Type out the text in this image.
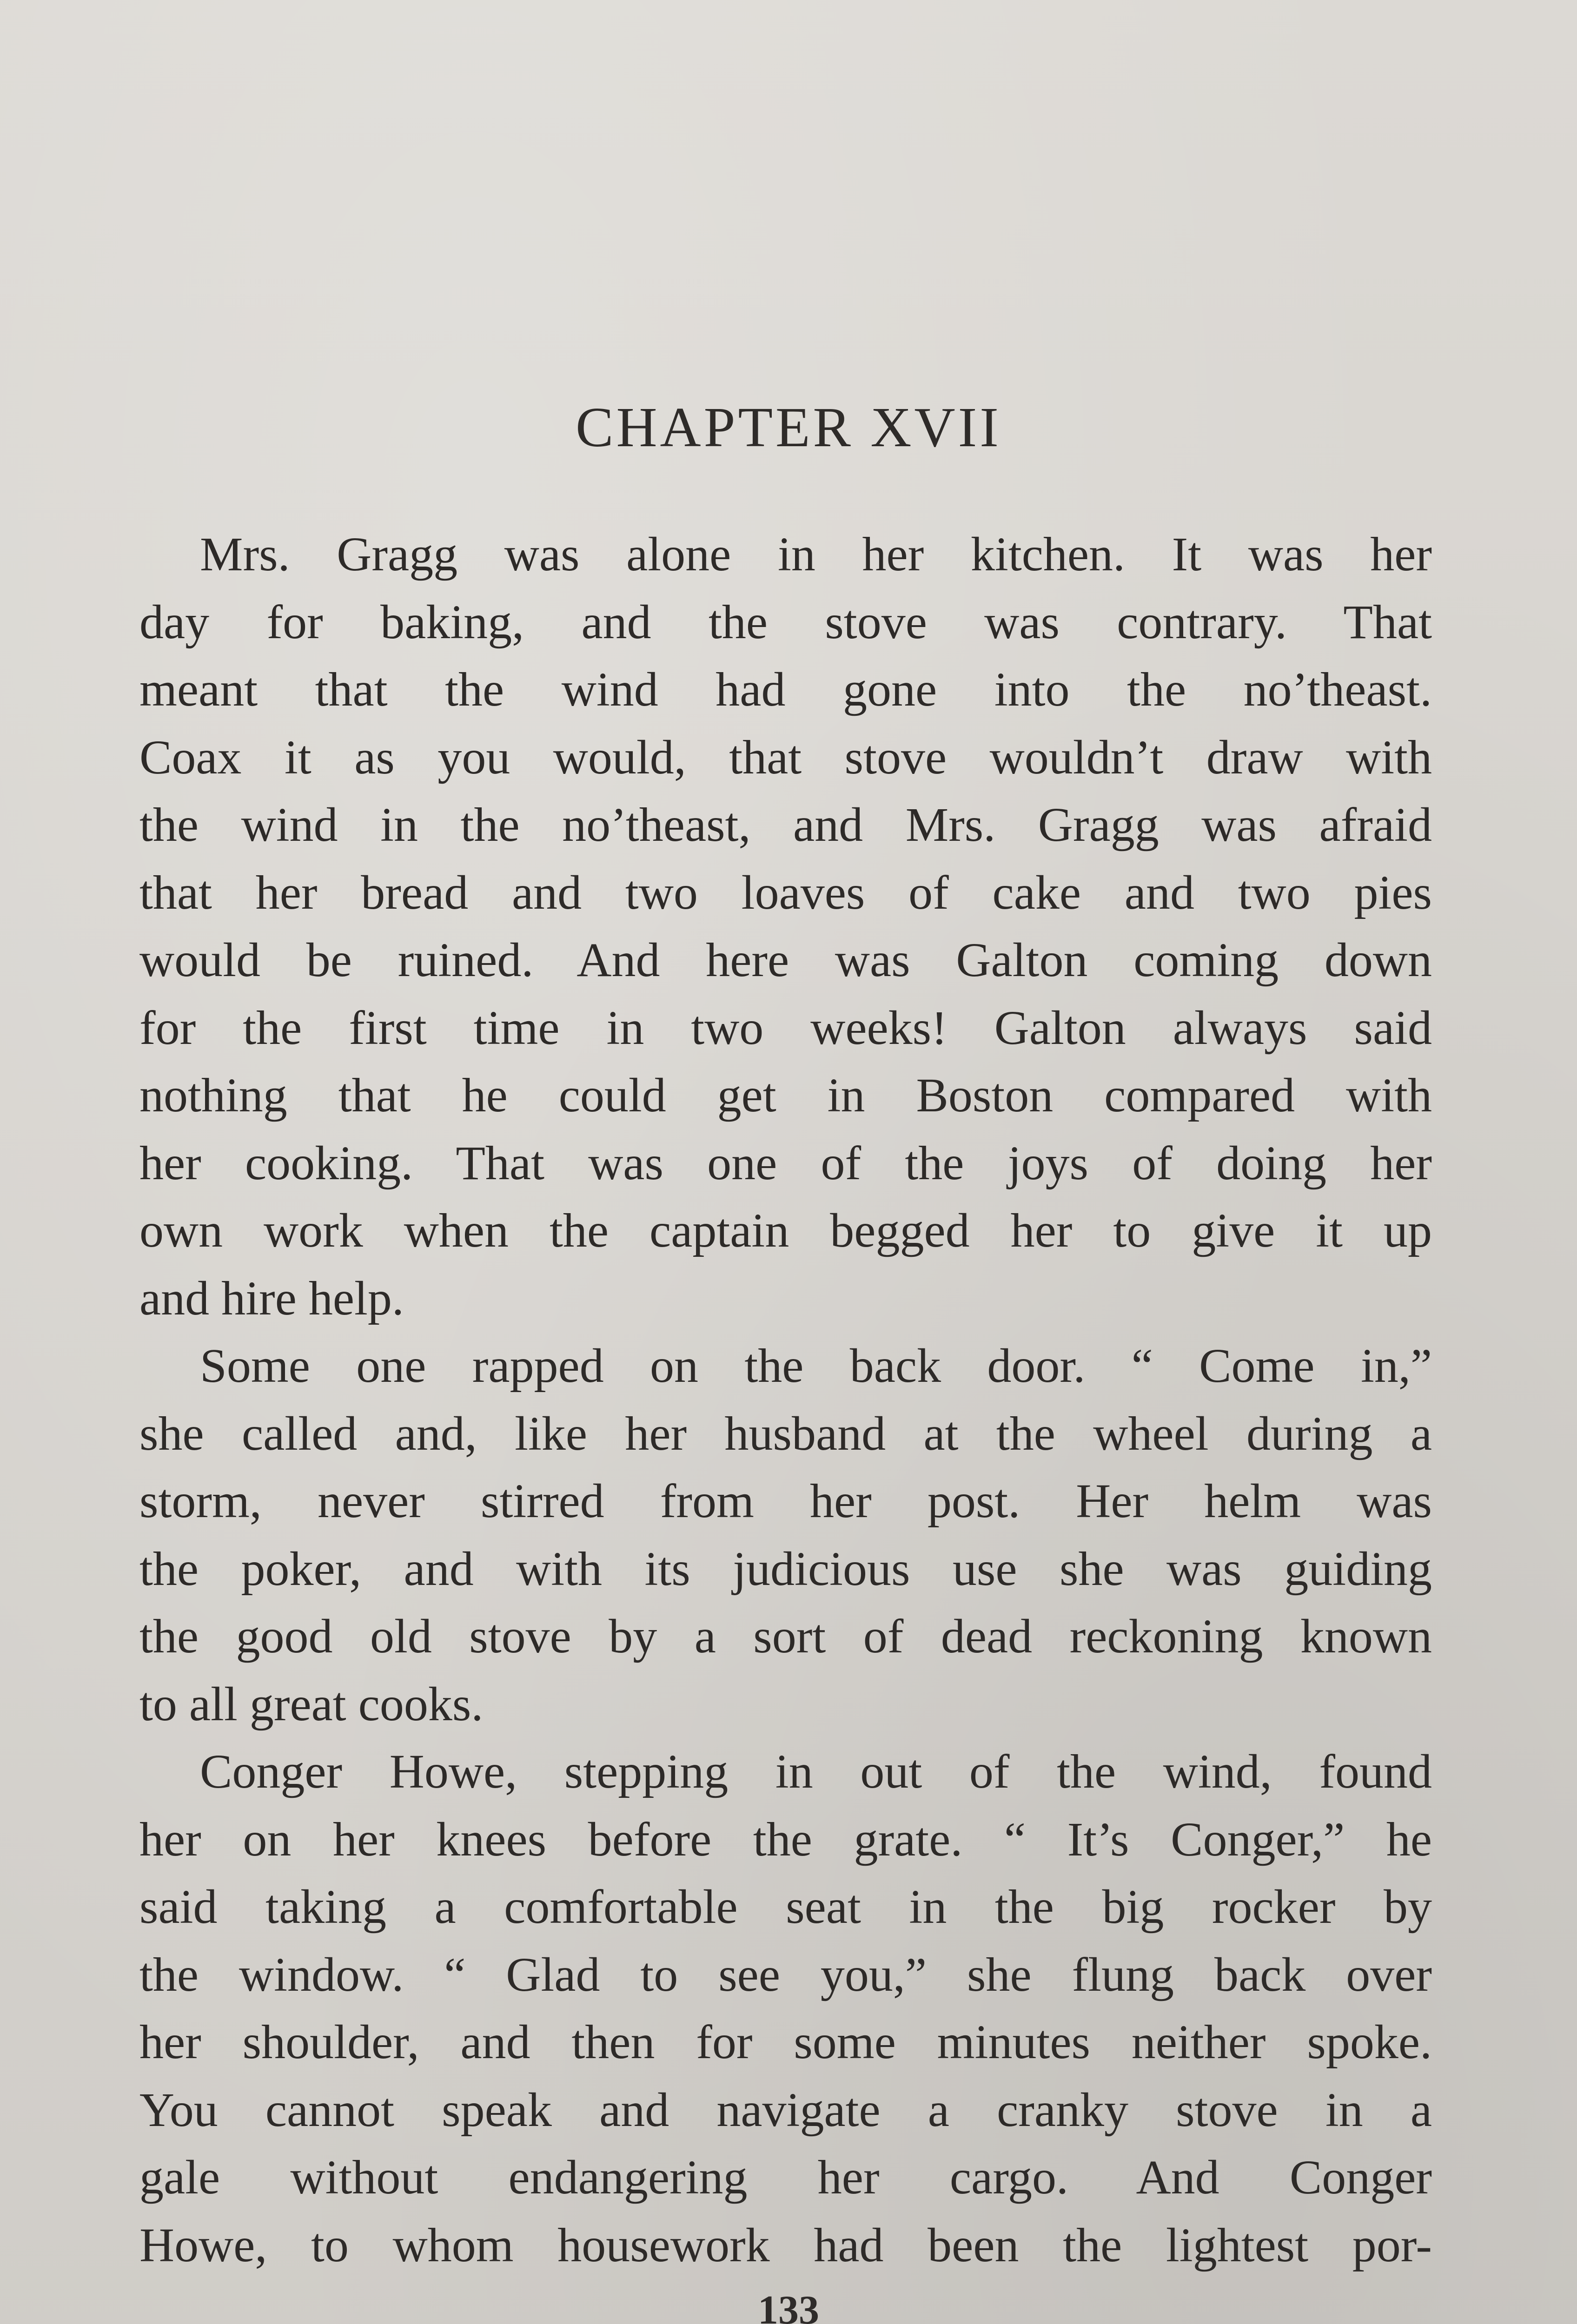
CHAPTER XVII
Mrs. Gragg was alone in her kitchen. It was her
day for baking, and the stove was contrary. That
meant that the wind had gone into the no’theast.
Coax it as you would, that stove wouldn’t draw with
the wind in the no’theast, and Mrs. Gragg was afraid
that her bread and two loaves of cake and two pies
would be ruined. And here was Galton coming down
for the first time in two weeks! Galton always said
nothing that he could get in Boston compared with
her cooking. That was one of the joys of doing her
own work when the captain begged her to give it up
and hire help.
Some one rapped on the back door. “ Come in,”
she called and, like her husband at the wheel during a
storm, never stirred from her post. Her helm was
the poker, and with its judicious use she was guiding
the good old stove by a sort of dead reckoning known
to all great cooks.
Conger Howe, stepping in out of the wind, found
her on her knees before the grate. “ It’s Conger,” he
said taking a comfortable seat in the big rocker by
the window. “ Glad to see you,” she flung back over
her shoulder, and then for some minutes neither spoke.
You cannot speak and navigate a cranky stove in a
gale without endangering her cargo. And Conger
Howe, to whom housework had been the lightest por-
133
